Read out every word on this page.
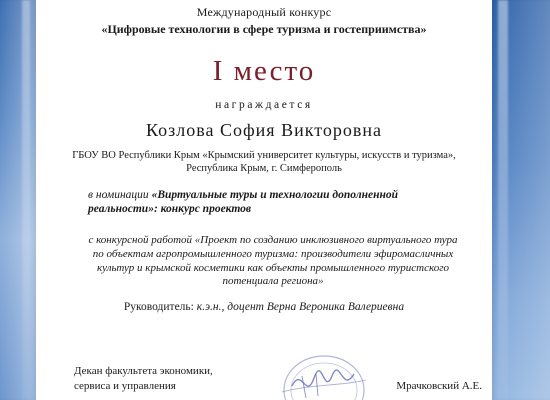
Международный конкурс
«Цифровые технологии в сфере туризма и гостеприимства»
I место
награждается
Козлова София Викторовна
ГБОУ ВО Республики Крым «Крымский университет культуры, искусств и туризма»,
Республика Крым, г. Симферополь
в номинации «Виртуальные туры и технологии дополненной реальности»: конкурс проектов
с конкурсной работой «Проект по созданию инклюзивного виртуального тура
по объектам агропромышленного туризма: производители эфиромасличных
культур и крымской косметики как объекты промышленного туристского
потенциала региона»
Руководитель: к.э.н., доцент Верна Вероника Валериевна
Декан факультета экономики,
сервиса и управления	Мрачковский А.Е.
